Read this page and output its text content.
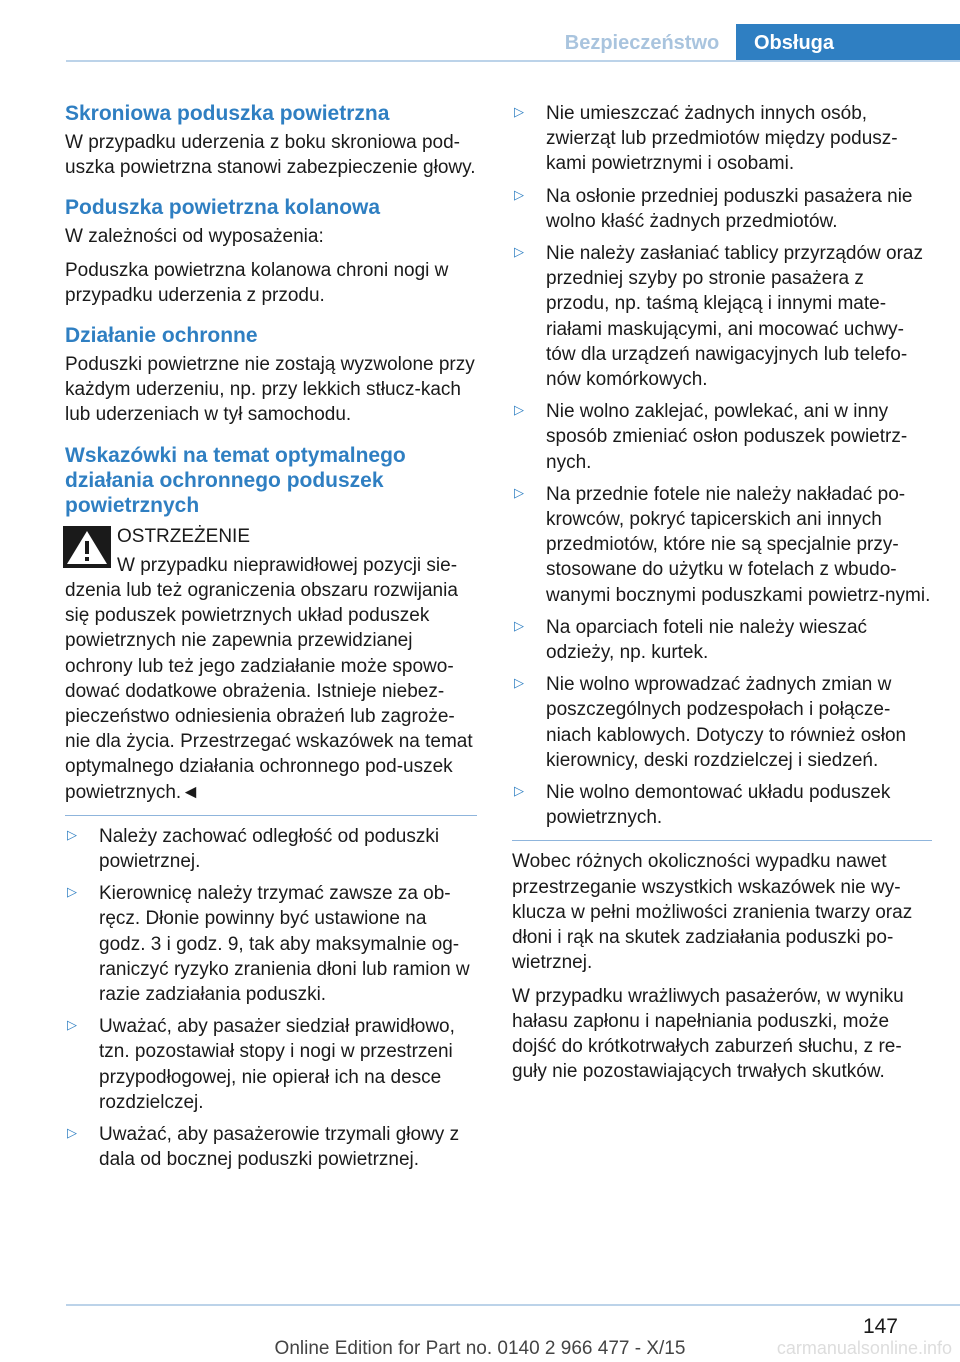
Bezpieczeństwo	Obsługa
Skroniowa poduszka powietrzna

W przypadku uderzenia z boku skroniowa pod-uszka powietrzna stanowi zabezpieczenie głowy.

Poduszka powietrzna kolanowa

W zależności od wyposażenia:

Poduszka powietrzna kolanowa chroni nogi w przypadku uderzenia z przodu.

Działanie ochronne

Poduszki powietrzne nie zostają wyzwolone przy każdym uderzeniu, np. przy lekkich stłucz-kach lub uderzeniach w tył samochodu.

Wskazówki na temat optymalnego działania ochronnego poduszek powietrznych

OSTRZEŻENIE

W przypadku nieprawidłowej pozycji sie-dzenia lub też ograniczenia obszaru rozwijania się poduszek powietrznych układ poduszek powietrznych nie zapewnia przewidzianej ochrony lub też jego zadziałanie może spowo-dować dodatkowe obrażenia. Istnieje niebez-pieczeństwo odniesienia obrażeń lub zagroże-nie dla życia. Przestrzegać wskazówek na temat optymalnego działania ochronnego pod-uszek powietrznych.◄

▷
Należy zachować odległość od poduszki powietrznej.
▷
Kierownicę należy trzymać zawsze za ob-ręcz. Dłonie powinny być ustawione na godz. 3 i godz. 9, tak aby maksymalnie og-raniczyć ryzyko zranienia dłoni lub ramion w razie zadziałania poduszki.
▷
Uważać, aby pasażer siedział prawidłowo, tzn. pozostawiał stopy i nogi w przestrzeni przypodłogowej, nie opierał ich na desce rozdzielczej.
▷
Uważać, aby pasażerowie trzymali głowy z dala od bocznej poduszki powietrznej.
▷
Nie umieszczać żadnych innych osób, zwierząt lub przedmiotów między podusz-kami powietrznymi i osobami.
▷
Na osłonie przedniej poduszki pasażera nie wolno kłaść żadnych przedmiotów.
▷
Nie należy zasłaniać tablicy przyrządów oraz przedniej szyby po stronie pasażera z przodu, np. taśmą klejącą i innymi mate-riałami maskującymi, ani mocować uchwy-tów dla urządzeń nawigacyjnych lub telefo-nów komórkowych.
▷
Nie wolno zaklejać, powlekać, ani w inny sposób zmieniać osłon poduszek powietrz-nych.
▷
Na przednie fotele nie należy nakładać po-krowców, pokryć tapicerskich ani innych przedmiotów, które nie są specjalnie przy-stosowane do użytku w fotelach z wbudo-wanymi bocznymi poduszkami powietrz-nymi.
▷
Na oparciach foteli nie należy wieszać odzieży, np. kurtek.
▷
Nie wolno wprowadzać żadnych zmian w poszczególnych podzespołach i połącze-niach kablowych. Dotyczy to również osłon kierownicy, deski rozdzielczej i siedzeń.
▷
Nie wolno demontować układu poduszek powietrznych.

Wobec różnych okoliczności wypadku nawet przestrzeganie wszystkich wskazówek nie wy-klucza w pełni możliwości zranienia twarzy oraz dłoni i rąk na skutek zadziałania poduszki po-wietrznej.

W przypadku wrażliwych pasażerów, w wyniku hałasu zapłonu i napełniania poduszki, może dojść do krótkotrwałych zaburzeń słuchu, z re-guły nie pozostawiających trwałych skutków.

147
Online Edition for Part no. 0140 2 966 477 - X/15	carmanualsonline.info
